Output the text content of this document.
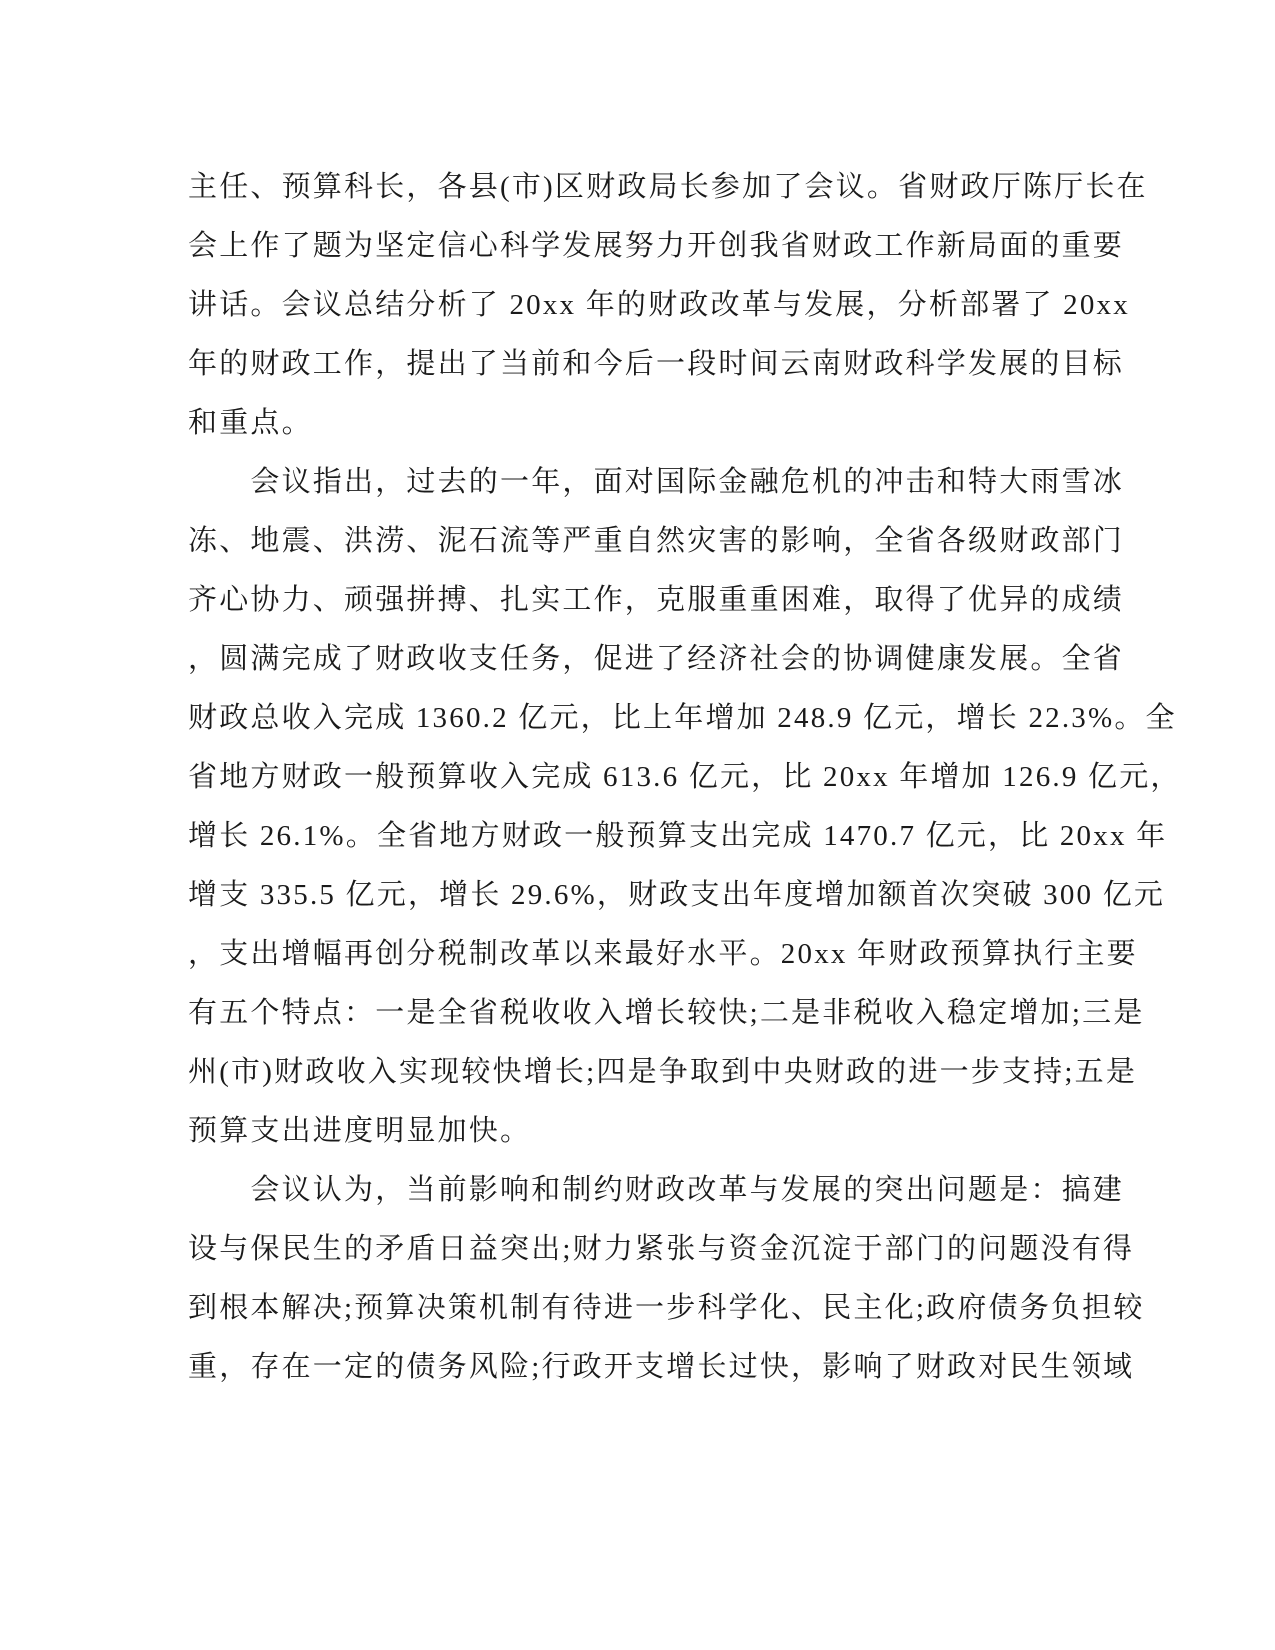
主任、预算科长，各县(市)区财政局长参加了会议。省财政厅陈厅长在
会上作了题为坚定信心科学发展努力开创我省财政工作新局面的重要
讲话。会议总结分析了 20xx 年的财政改革与发展，分析部署了 20xx
年的财政工作，提出了当前和今后一段时间云南财政科学发展的目标
和重点。
　　会议指出，过去的一年，面对国际金融危机的冲击和特大雨雪冰
冻、地震、洪涝、泥石流等严重自然灾害的影响，全省各级财政部门
齐心协力、顽强拼搏、扎实工作，克服重重困难，取得了优异的成绩
，圆满完成了财政收支任务，促进了经济社会的协调健康发展。全省
财政总收入完成 1360.2 亿元，比上年增加 248.9 亿元，增长 22.3%。全
省地方财政一般预算收入完成 613.6 亿元，比 20xx 年增加 126.9 亿元，
增长 26.1%。全省地方财政一般预算支出完成 1470.7 亿元，比 20xx 年
增支 335.5 亿元，增长 29.6%，财政支出年度增加额首次突破 300 亿元
，支出增幅再创分税制改革以来最好水平。20xx 年财政预算执行主要
有五个特点：一是全省税收收入增长较快;二是非税收入稳定增加;三是
州(市)财政收入实现较快增长;四是争取到中央财政的进一步支持;五是
预算支出进度明显加快。
　　会议认为，当前影响和制约财政改革与发展的突出问题是：搞建
设与保民生的矛盾日益突出;财力紧张与资金沉淀于部门的问题没有得
到根本解决;预算决策机制有待进一步科学化、民主化;政府债务负担较
重，存在一定的债务风险;行政开支增长过快，影响了财政对民生领域
